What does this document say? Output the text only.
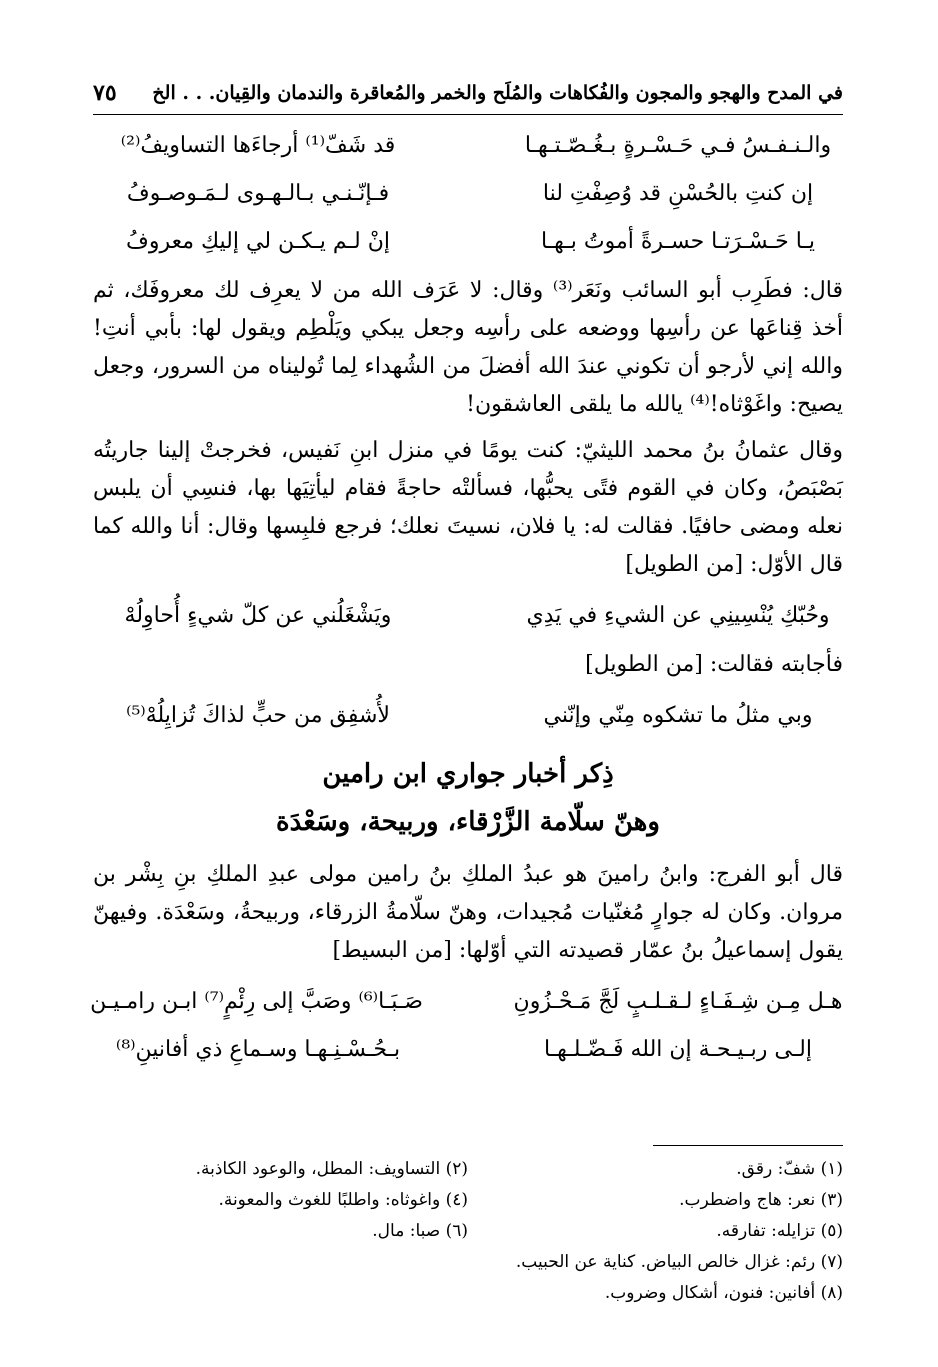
في المدح والهجو والمجون والفُكاهات والمُلَح والخمر والمُعاقرة والندمان والقِيان. . . الخ
٧٥
والـنـفـسُ فـي حَـسْـرةٍ بـغُـصّـتـهـا
قد شَفّ⁽¹⁾ أرجاءَها التساويفُ⁽²⁾
إن كنتِ بالحُسْنِ قد وُصِفْتِ لنا
فـإنّـنـي بـالـهـوى لـمَـوصـوفُ
يـا حَـسْـرَتـا حسـرةً أموتُ بـهـا
إنْ لـم يـكـن لي إليكِ معروفُ

قال: فطَرِب أبو السائب ونَعَر⁽³⁾ وقال: لا عَرَف الله من لا يعرِف لك معروفَك، ثم أخذ قِناعَها عن رأسِها ووضعه على رأسِه وجعل يبكي ويَلْطِم ويقول لها: بأبي أنتِ! والله إني لأرجو أن تكوني عندَ الله أفضلَ من الشُهداء لِما تُوليناه من السرور، وجعل يصيح: واغَوْثاه!⁽⁴⁾ يالله ما يلقى العاشقون!

وقال عثمانُ بنُ محمد الليثيّ: كنت يومًا في منزل ابنِ نَفيس، فخرجتْ إلينا جاريتُه بَصْبَصُ، وكان في القوم فتًى يحبُّها، فسألتْه حاجةً فقام ليأتِيَها بها، فنسِي أن يلبس نعله ومضى حافيًا. فقالت له: يا فلان، نسيتَ نعلك؛ فرجع فلبِسها وقال: أنا والله كما قال الأوّل: [من الطويل]

وحُبّكِ يُنْسِينِي عن الشيءِ في يَدِي
ويَشْغَلُني عن كلّ شيءٍ أُحاوِلُهْ

فأجابته فقالت: [من الطويل]

وبي مثلُ ما تشكوه مِنّي وإنّني
لأُشفِق من حبٍّ لذاكَ تُزايِلُهْ⁽⁵⁾
ذِكر أخبار جواري ابن رامين
وهنّ سلّامة الزَّرْقاء، وربيحة، وسَعْدَة

قال أبو الفرج: وابنُ رامينَ هو عبدُ الملكِ بنُ رامين مولى عبدِ الملكِ بنِ بِشْر بن مروان. وكان له جوارٍ مُغنّيات مُجيدات، وهنّ سلّامةُ الزرقاء، وربيحةُ، وسَعْدَة. وفيهنّ يقول إسماعيلُ بنُ عمّار قصيدته التي أوّلها: [من البسيط]

هـل مِـن شِـفَـاءٍ لـقـلـبٍ لَجَّ مَـحْـزُونِ
صَـبَـا⁽⁶⁾ وصَبَّ إلى رِئْمٍ⁽⁷⁾ ابـن رامـيـن
إلـى ربـيـحـة إن الله فَـضّـلـهـا
بـحُـسْـنِـهـا وسـماعِ ذي أفانينِ⁽⁸⁾
(١) شفّ: رقق.
(٢) التساويف: المطل، والوعود الكاذبة.
(٣) نعر: هاج واضطرب.
(٤) واغوثاه: واطلبًا للغوث والمعونة.
(٥) تزايله: تفارقه.
(٦) صبا: مال.
(٧) رئم: غزال خالص البياض. كناية عن الحبيب.
(٨) أفانين: فنون، أشكال وضروب.
